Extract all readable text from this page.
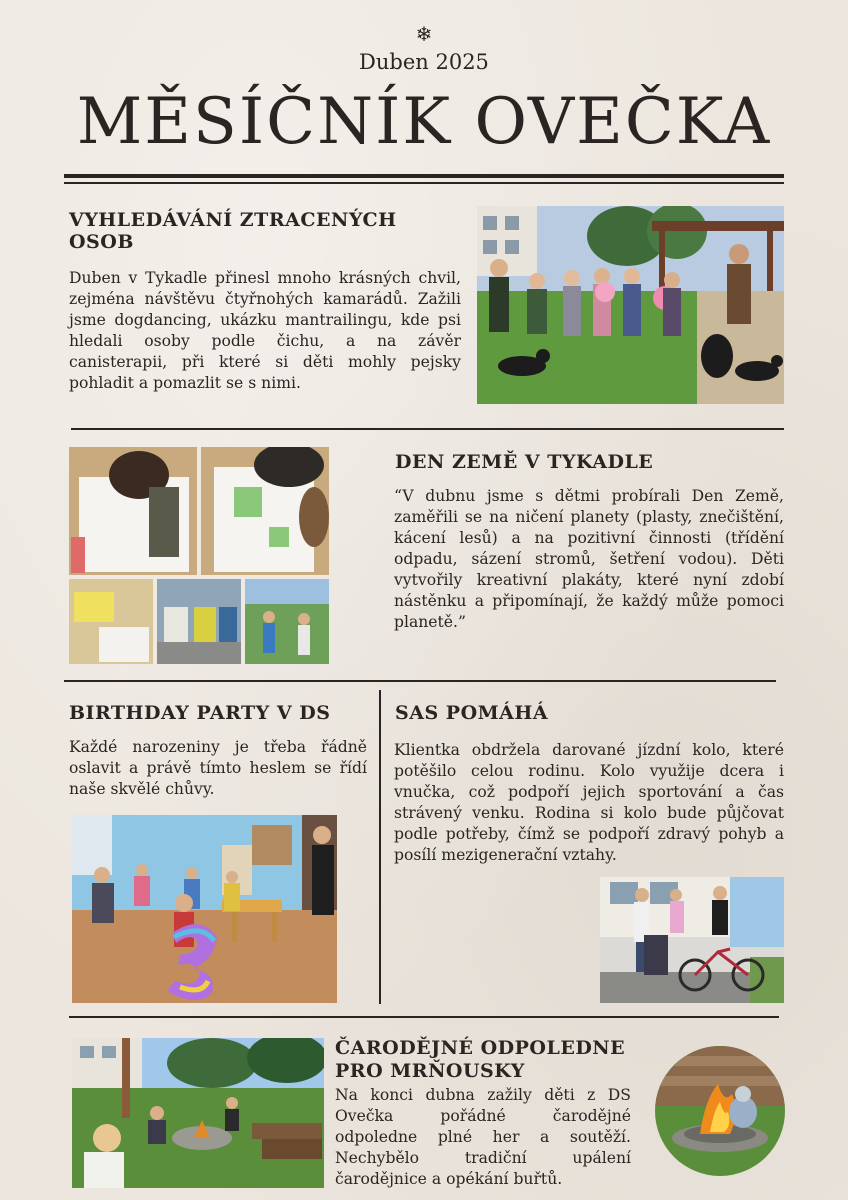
❄
Duben 2025
MĚSÍČNÍK OVEČKA
VYHLEDÁVÁNÍ ZTRACENÝCH OSOB
Duben v Tykadle přinesl mnoho krásných chvil, zejména návštěvu čtyřnohých kamarádů. Zažili jsme dogdancing, ukázku mantrailingu, kde psi hledali osoby podle čichu, a na závěr canisterapii, při které si děti mohly pejsky pohladit a pomazlit se s nimi.
DEN ZEMĚ V TYKADLE
“V dubnu jsme s dětmi probírali Den Země, zaměřili se na ničení planety (plasty, znečištění, kácení lesů) a na pozitivní činnosti (třídění odpadu, sázení stromů, šetření vodou). Děti vytvořily kreativní plakáty, které nyní zdobí nástěnku a připomínají, že každý může pomoci planetě.”
BIRTHDAY PARTY V DS
Každé narozeniny je třeba řádně oslavit a právě tímto heslem se řídí naše skvělé chůvy.
SAS POMÁHÁ
Klientka obdržela darované jízdní kolo, které potěšilo celou rodinu. Kolo využije dcera i vnučka, což podpoří jejich sportování a čas strávený venku. Rodina si kolo bude půjčovat podle potřeby, čímž se podpoří zdravý pohyb a posílí mezigenerační vztahy.
ČARODĚJNÉ ODPOLEDNE
PRO MRŇOUSKY
Na konci dubna zažily děti z DS Ovečka pořádné čarodějné odpoledne plné her a soutěží. Nechybělo tradiční upálení čarodějnice a opékání buřtů.
